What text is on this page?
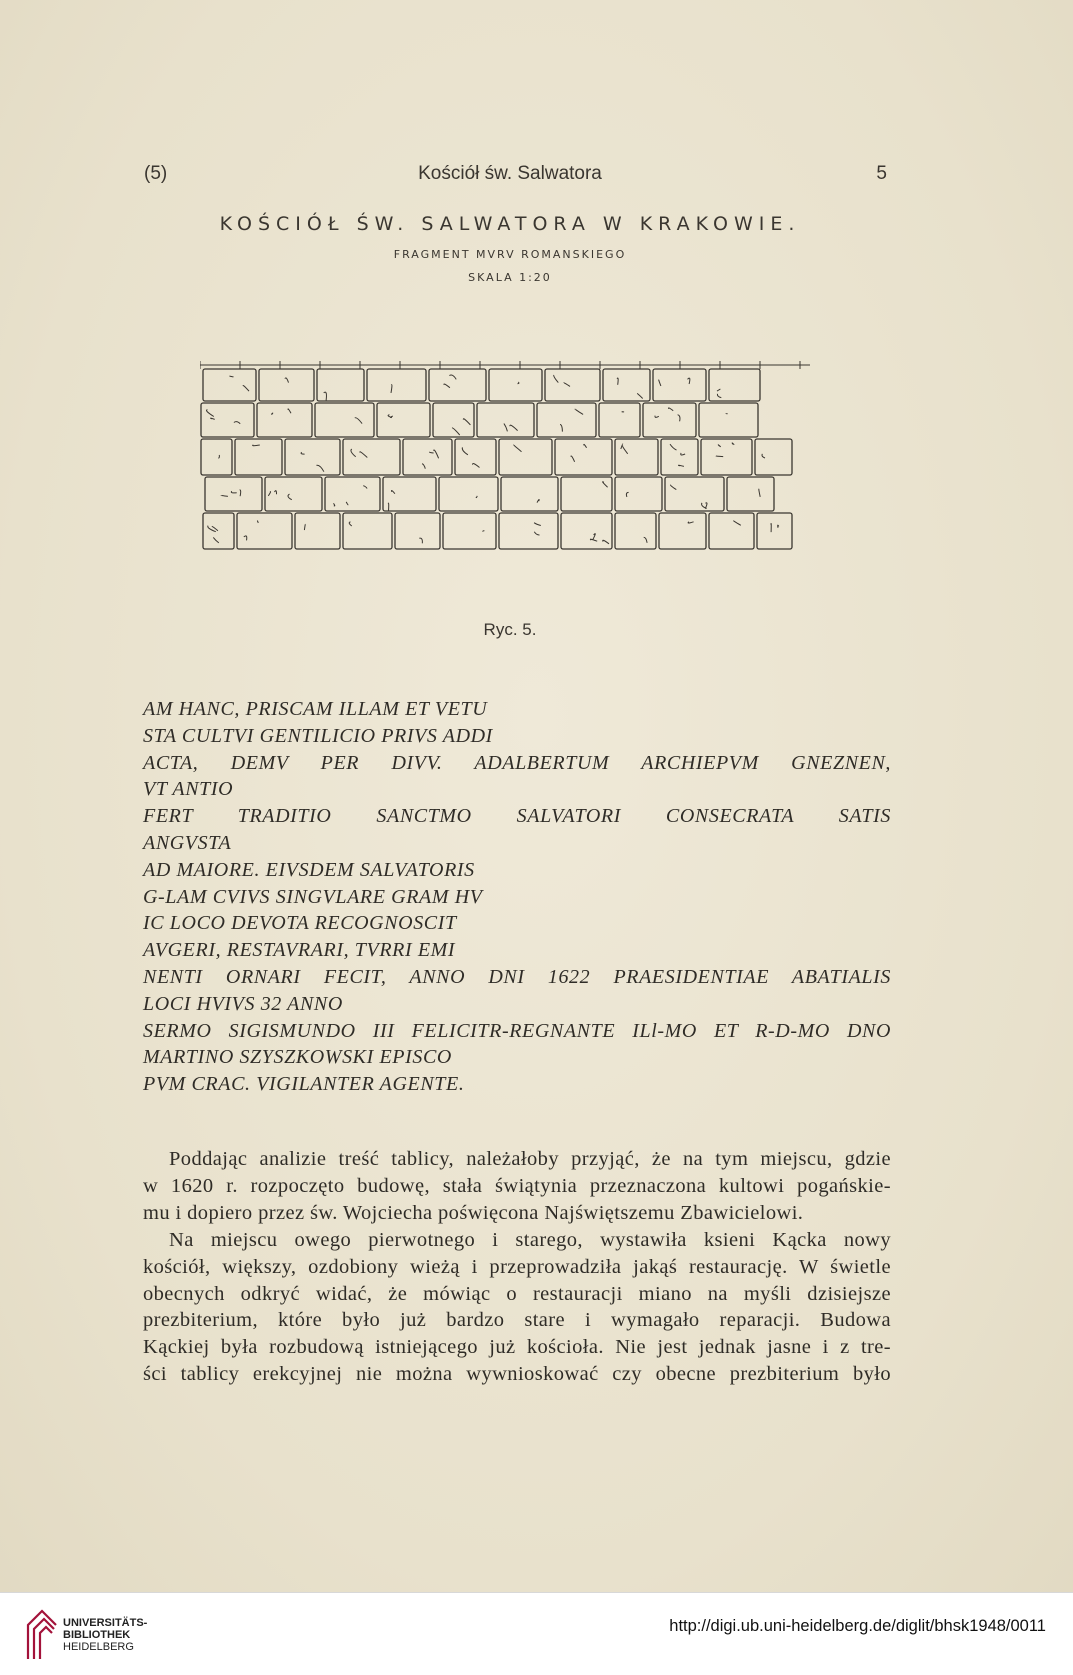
(5)	Kościół św. Salwatora	5
KOŚCIÓŁ ŚW. SALWATORA W KRAKOWIE.
FRAGMENT MVRV ROMANSKIEGO
SKALA 1:20
Ryc. 5.
AM HANC, PRISCAM ILLAM ET VETU
STA CULTVI GENTILICIO PRIVS ADDI
ACTA, DEMV PER DIVV. ADALBERTUM ARCHIEPVM GNEZNEN,
VT ANTIO
FERT TRADITIO SANCTMO SALVATORI CONSECRATA SATIS
ANGVSTA
AD MAIORE. EIVSDEM SALVATORIS
G-LAM CVIVS SINGVLARE GRAM HV
IC LOCO DEVOTA RECOGNOSCIT
AVGERI, RESTAVRARI, TVRRI EMI
NENTI ORNARI FECIT, ANNO DNI 1622 PRAESIDENTIAE ABATIALIS
LOCI HVIVS 32 ANNO
SERMO SIGISMUNDO III FELICITR-REGNANTE ILl-MO ET R-D-MO DNO
MARTINO SZYSZKOWSKI EPISCO
PVM CRAC. VIGILANTER AGENTE.

Poddając analizie treść tablicy, należałoby przyjąć, że na tym miejscu, gdzie
w 1620 r. rozpoczęto budowę, stała świątynia przeznaczona kultowi pogańskie-
mu i dopiero przez św. Wojciecha poświęcona Najświętszemu Zbawicielowi.

Na miejscu owego pierwotnego i starego, wystawiła ksieni Kącka nowy
kościół, większy, ozdobiony wieżą i przeprowadziła jakąś restaurację. W świetle
obecnych odkryć widać, że mówiąc o restauracji miano na myśli dzisiejsze
prezbiterium, które było już bardzo stare i wymagało reparacji. Budowa
Kąckiej była rozbudową istniejącego już kościoła. Nie jest jednak jasne i z tre-
ści tablicy erekcyjnej nie można wywnioskować czy obecne prezbiterium było

UNIVERSITÄTS-
BIBLIOTHEK
HEIDELBERG
http://digi.ub.uni-heidelberg.de/diglit/bhsk1948/0011
